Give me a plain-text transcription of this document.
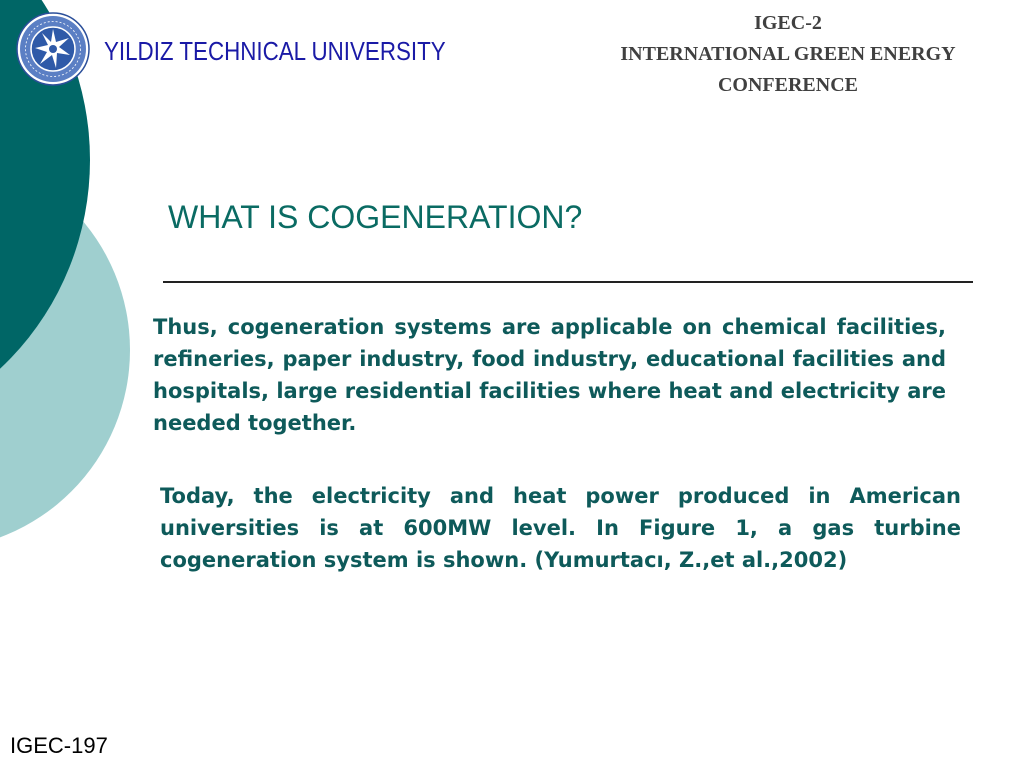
YILDIZ TECHNICAL UNIVERSITY
IGEC-2
INTERNATIONAL GREEN ENERGY
CONFERENCE
WHAT IS COGENERATION?
Thus, cogeneration systems are applicable on chemical facilities, refineries, paper industry, food industry, educational facilities and hospitals, large residential facilities where heat and electricity are needed together.
Today, the electricity and heat power produced in American universities is at 600MW level. In Figure 1, a gas turbine cogeneration system is shown. (Yumurtacı, Z.,et al.,2002)
IGEC-197
